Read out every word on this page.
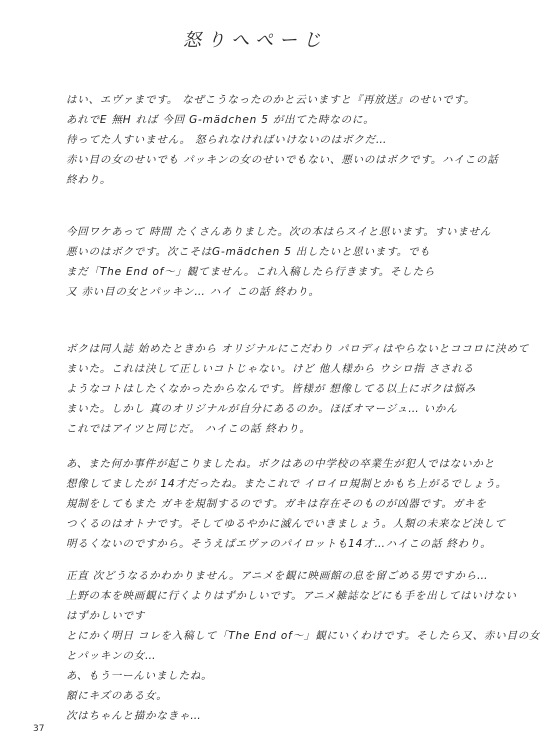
怒りへぺーじ
はい、エヴァまです。 なぜこうなったのかと云いますと『再放送』のせいです。
あれでE 無H れば 今回 G-mädchen 5 が出てた時なのに。
待ってた人すいません。 怒られなければいけないのはボクだ…
赤い目の女のせいでも パッキンの女のせいでもない、悪いのはボクです。ハイこの話
終わり。
今回ワケあって 時間 たくさんありました。次の本はらスイと思います。すいません
悪いのはボクです。次こそはG-mädchen 5 出したいと思います。でも
まだ「The End of～」観てません。これ入稿したら行きます。そしたら
又 赤い目の女とパッキン… ハイ この話 終わり。
ボクは同人誌 始めたときから オリジナルにこだわり パロディはやらないとココロに決めて
まいた。これは決して正しいコトじゃない。けど 他人様から ウシロ指 さされる
ようなコトはしたくなかったからなんです。皆様が 想像してる以上にボクは悩み
まいた。しかし 真のオリジナルが自分にあるのか。ほぼオマージュ… いかん
これではアイツと同じだ。 ハイこの話 終わり。
あ、また何か事件が起こりましたね。ボクはあの中学校の卒業生が犯人ではないかと
想像してましたが 14才だったね。またこれで イロイロ規制とかもち上がるでしょう。
規制をしてもまた ガキを規制するのです。ガキは存在そのものが凶器です。ガキを
つくるのはオトナです。そしてゆるやかに滅んでいきましょう。人類の未来など決して
明るくないのですから。そうえばエヴァのパイロットも14才…ハイこの話 終わり。
正直 次どうなるかわかりません。アニメを観に映画館の息を留ごめる男ですから…
上野の本を映画観に行くよりはずかしいです。アニメ雑誌などにも手を出してはいけない
はずかしいです
とにかく明日 コレを入稿して「The End of～」観にいくわけです。そしたら又、赤い目の女
とパッキンの女…
あ、もう一ーんいましたね。
額にキズのある女。
次はちゃんと描かなきゃ…
37
